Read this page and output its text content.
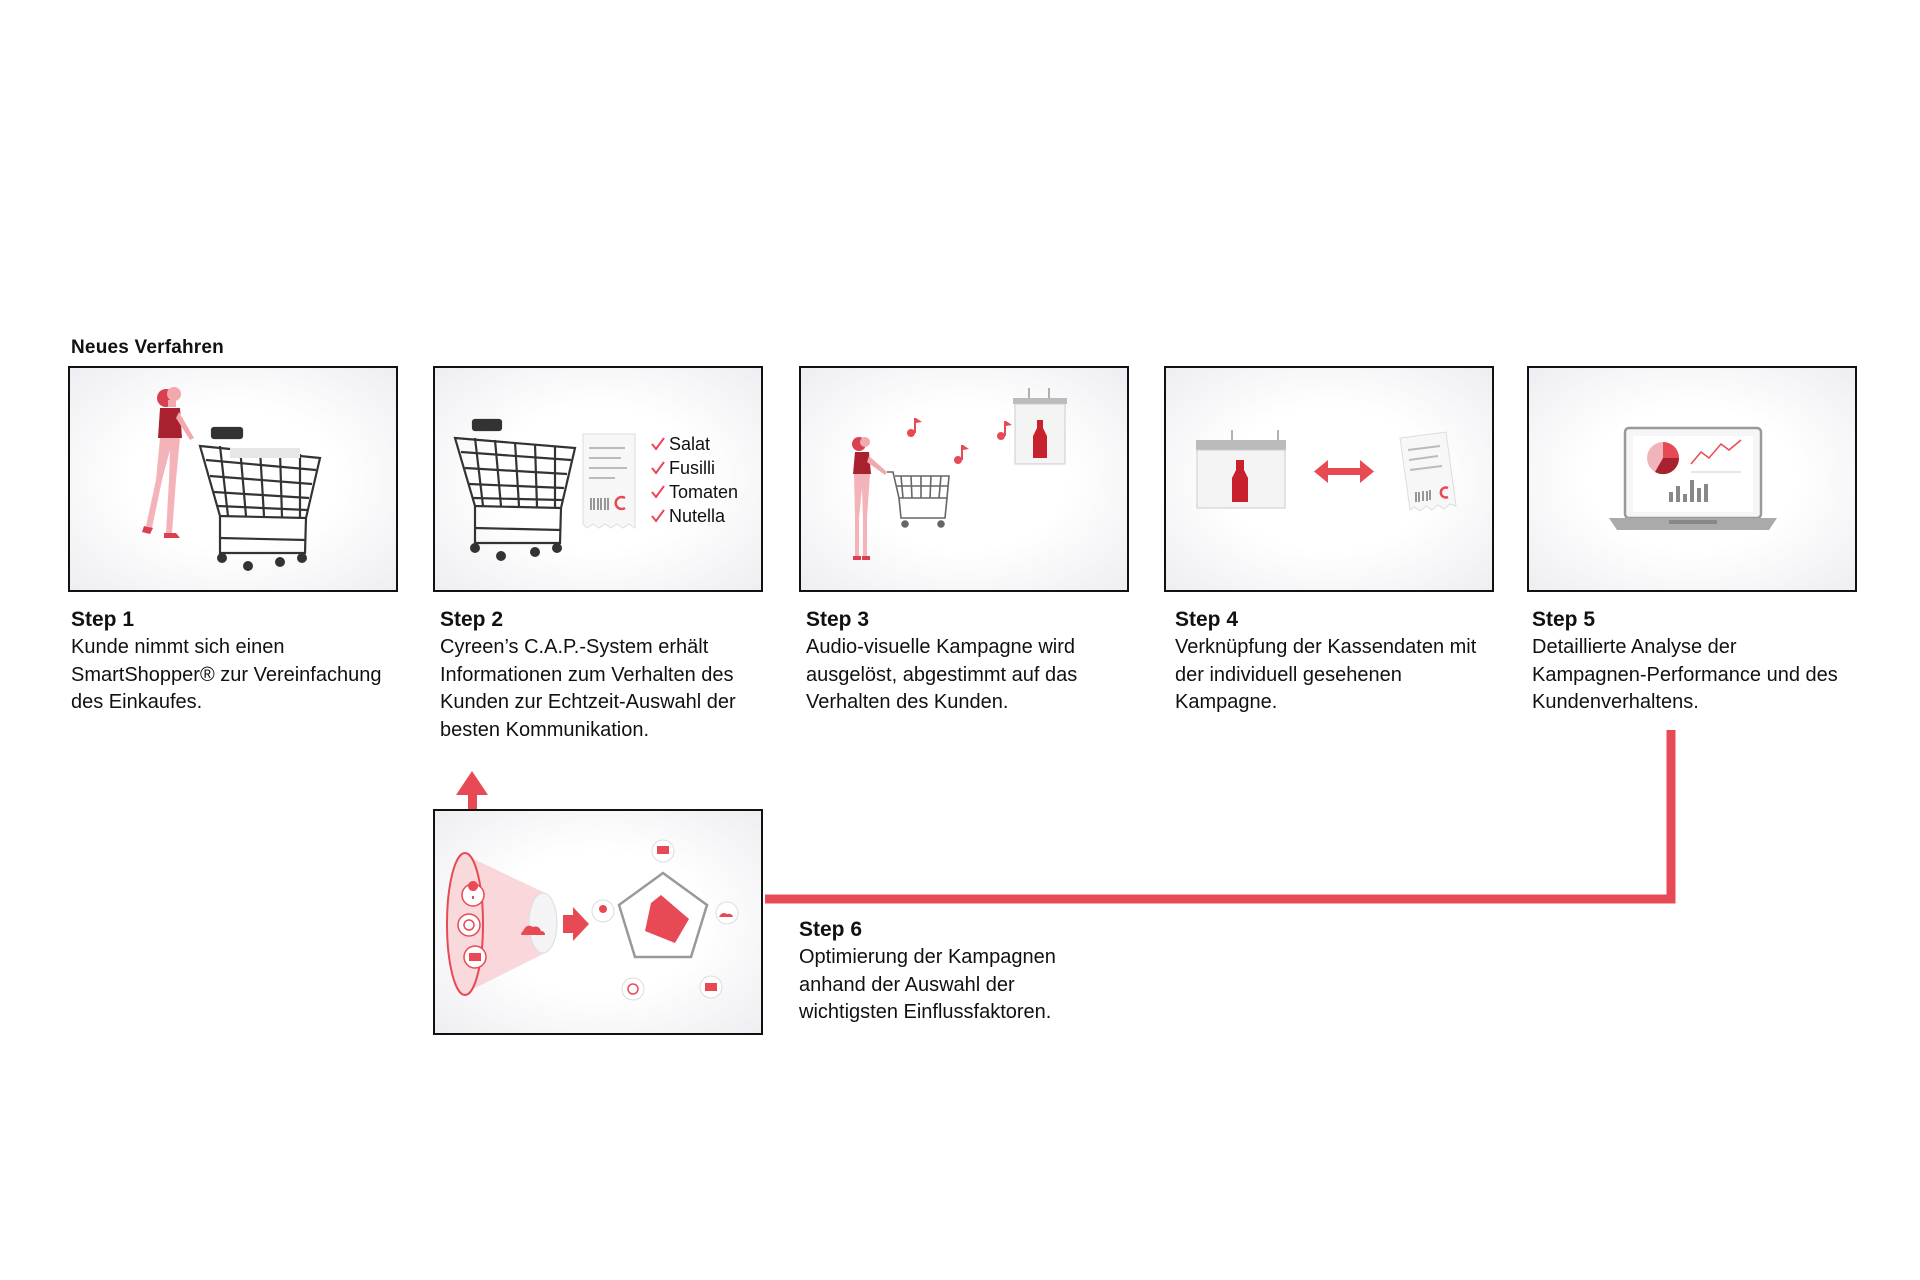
Neues Verfahren
Salat
Fusilli
Tomaten
Nutella
Step 1
Kunde nimmt sich einen
SmartShopper® zur Vereinfachung
des Einkaufes.
Step 2
Cyreen’s C.A.P.-System erhält
Informationen zum Verhalten des
Kunden zur Echtzeit-Auswahl der
besten Kommunikation.
Step 3
Audio-visuelle Kampagne wird
ausgelöst, abgestimmt auf das
Verhalten des Kunden.
Step 4
Verknüpfung der Kassendaten mit
der individuell gesehenen
Kampagne.
Step 5
Detaillierte Analyse der
Kampagnen-Performance und des
Kundenverhaltens.
Step 6
Optimierung der Kampagnen
anhand der Auswahl der
wichtigsten Einflussfaktoren.
